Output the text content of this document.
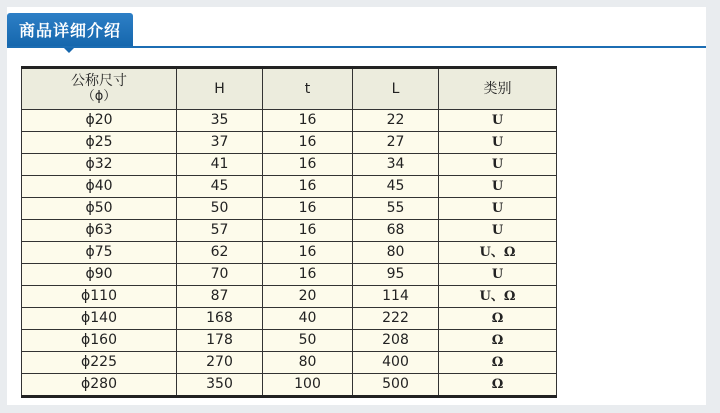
商品详细介绍
公称尺寸
（ϕ）	H	t	L	类别
ϕ20	35	16	22	U
ϕ25	37	16	27	U
ϕ32	41	16	34	U
ϕ40	45	16	45	U
ϕ50	50	16	55	U
ϕ63	57	16	68	U
ϕ75	62	16	80	U、Ω
ϕ90	70	16	95	U
ϕ110	87	20	114	U、Ω
ϕ140	168	40	222	Ω
ϕ160	178	50	208	Ω
ϕ225	270	80	400	Ω
ϕ280	350	100	500	Ω
